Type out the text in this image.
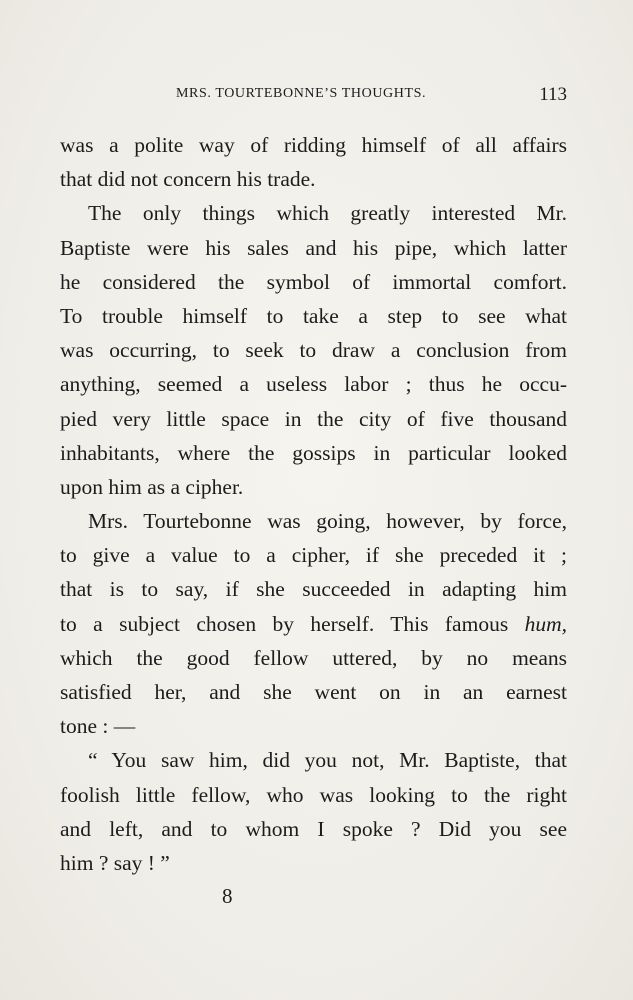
MRS. TOURTEBONNE’S THOUGHTS.	113
was a polite way of ridding himself of all affairs
that did not concern his trade.
The only things which greatly interested Mr.
Baptiste were his sales and his pipe, which latter
he considered the symbol of immortal comfort.
To trouble himself to take a step to see what
was occurring, to seek to draw a conclusion from
anything, seemed a useless labor ; thus he occu-
pied very little space in the city of five thousand
inhabitants, where the gossips in particular looked
upon him as a cipher.
Mrs. Tourtebonne was going, however, by force,
to give a value to a cipher, if she preceded it ;
that is to say, if she succeeded in adapting him
to a subject chosen by herself. This famous hum,
which the good fellow uttered, by no means
satisfied her, and she went on in an earnest
tone : —
“ You saw him, did you not, Mr. Baptiste, that
foolish little fellow, who was looking to the right
and left, and to whom I spoke ? Did you see
him ? say ! ”
8
